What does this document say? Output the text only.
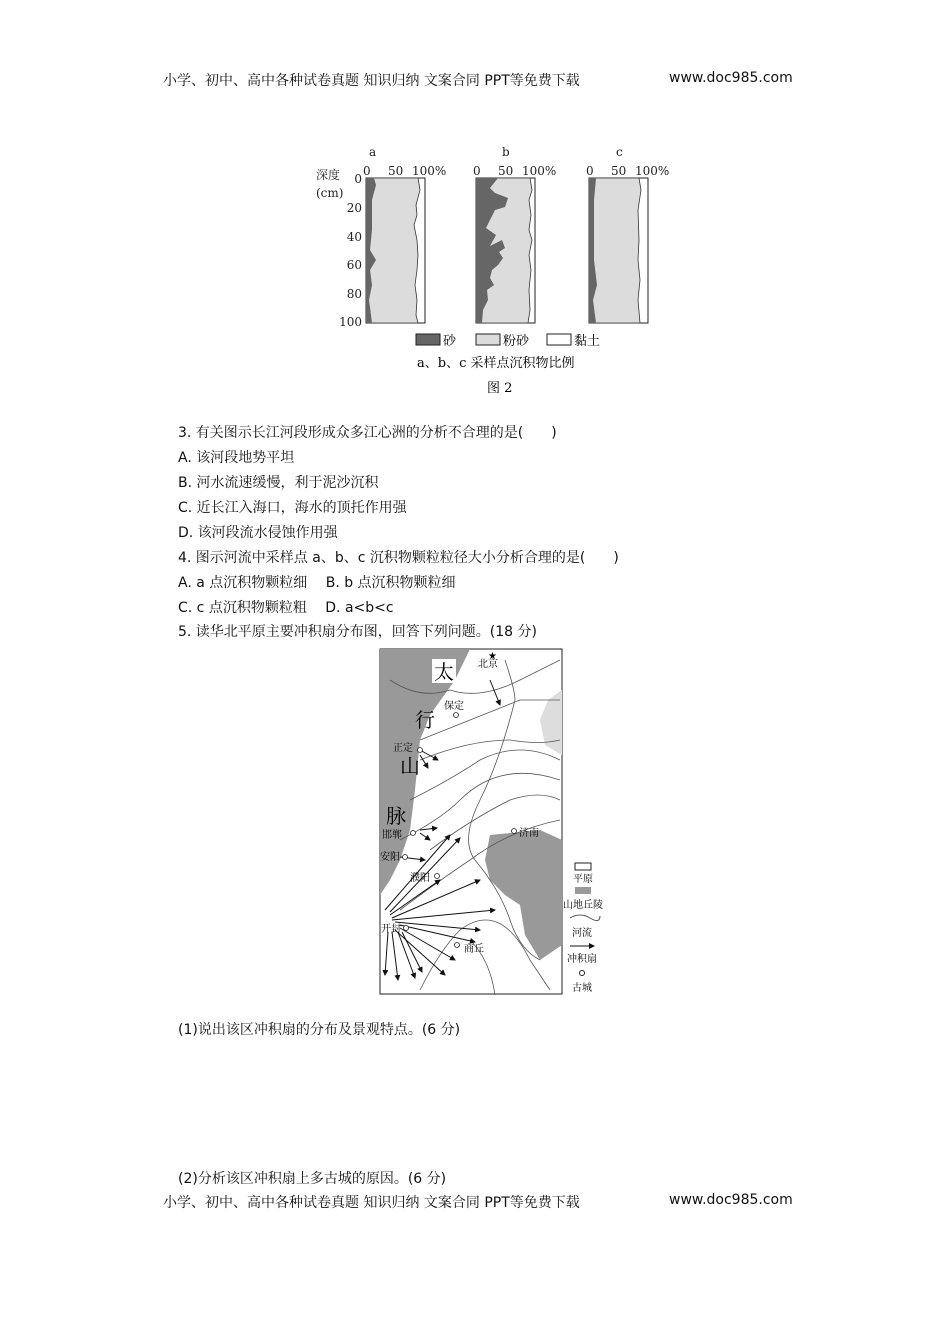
小学、初中、高中各种试卷真题 知识归纳 文案合同 PPT等免费下载	www.doc985.com
a	b	c
深度
(cm)
0
20
40
60
80
100
0 50 100% 0 50 100% 0 50 100%
砂	粉砂	黏土
a、b、c 采样点沉积物比例
图 2
3. 有关图示长江河段形成众多江心洲的分析不合理的是(　　)
A. 该河段地势平坦
B. 河水流速缓慢，利于泥沙沉积
C. 近长江入海口，海水的顶托作用强
D. 该河段流水侵蚀作用强
4. 图示河流中采样点 a、b、c 沉积物颗粒粒径大小分析合理的是(　　)
A. a 点沉积物颗粒细　 B. b 点沉积物颗粒细
C. c 点沉积物颗粒粗　 D. a<b<c
5. 读华北平原主要冲积扇分布图，回答下列问题。(18 分)
太
行
山
脉
北京
保定
正定
邯郸
安阳
濮阳
济南
开封
商丘
★
平原
山地丘陵
河流
冲积扇
古城
(1)说出该区冲积扇的分布及景观特点。(6 分)
(2)分析该区冲积扇上多古城的原因。(6 分)
小学、初中、高中各种试卷真题 知识归纳 文案合同 PPT等免费下载	www.doc985.com
